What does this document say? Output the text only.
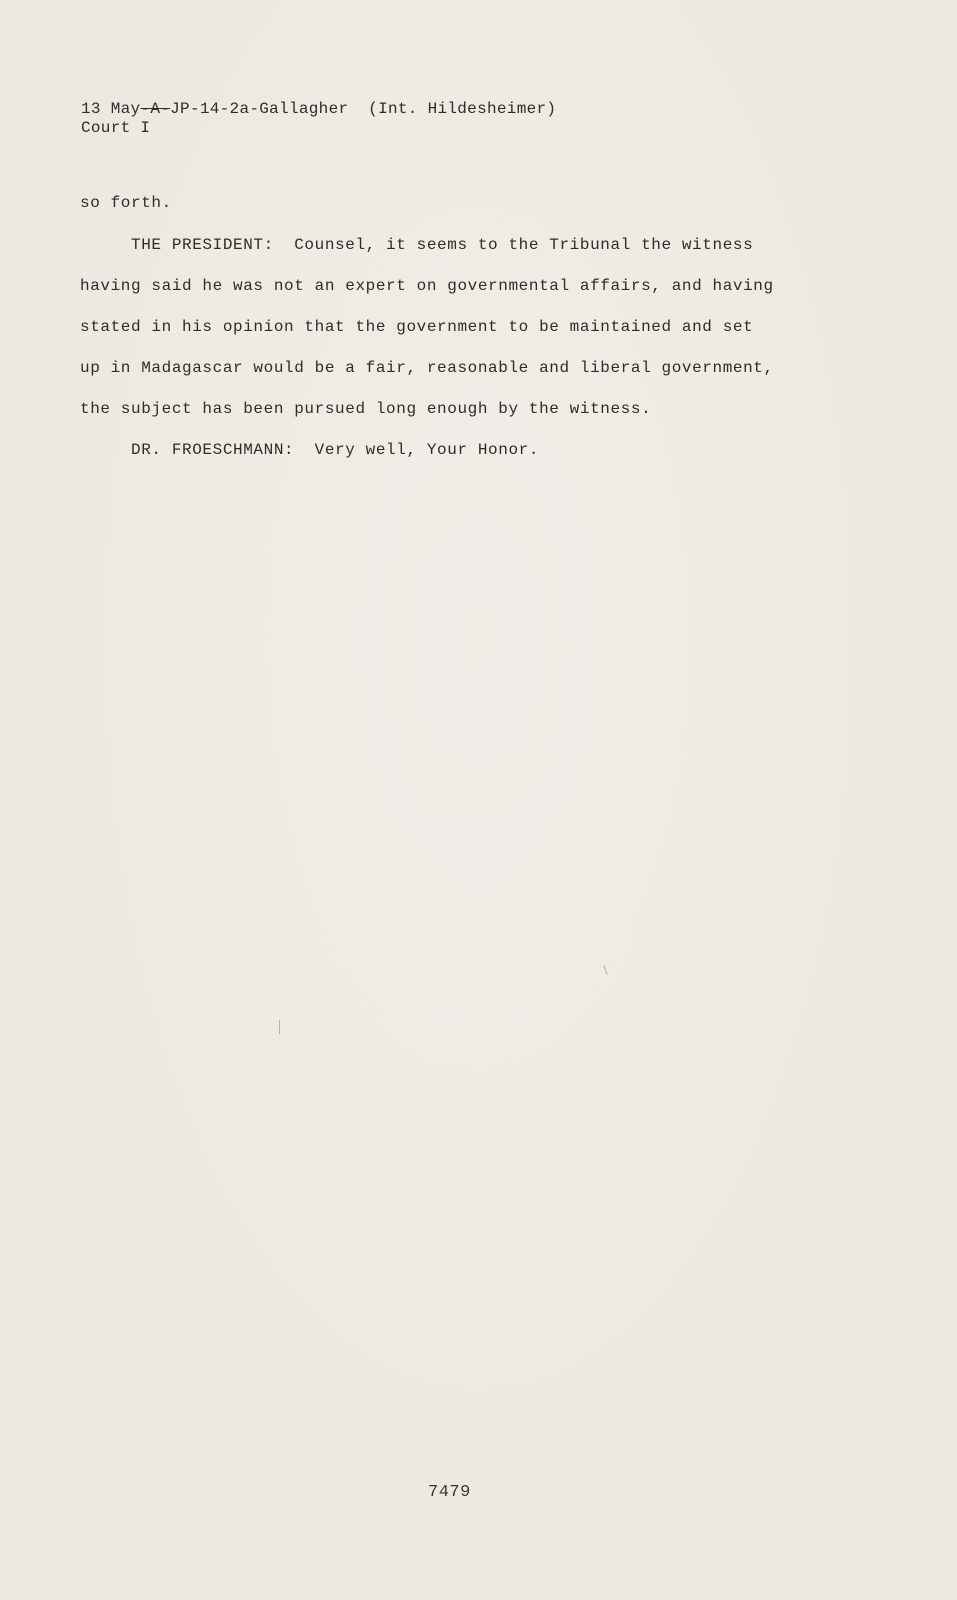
13 May-A-JP-14-2a-Gallagher  (Int. Hildesheimer)
Court I
so forth.
THE PRESIDENT:  Counsel, it seems to the Tribunal the witness
having said he was not an expert on governmental affairs, and having
stated in his opinion that the government to be maintained and set
up in Madagascar would be a fair, reasonable and liberal government,
the subject has been pursued long enough by the witness.
DR. FROESCHMANN:  Very well, Your Honor.
7479
